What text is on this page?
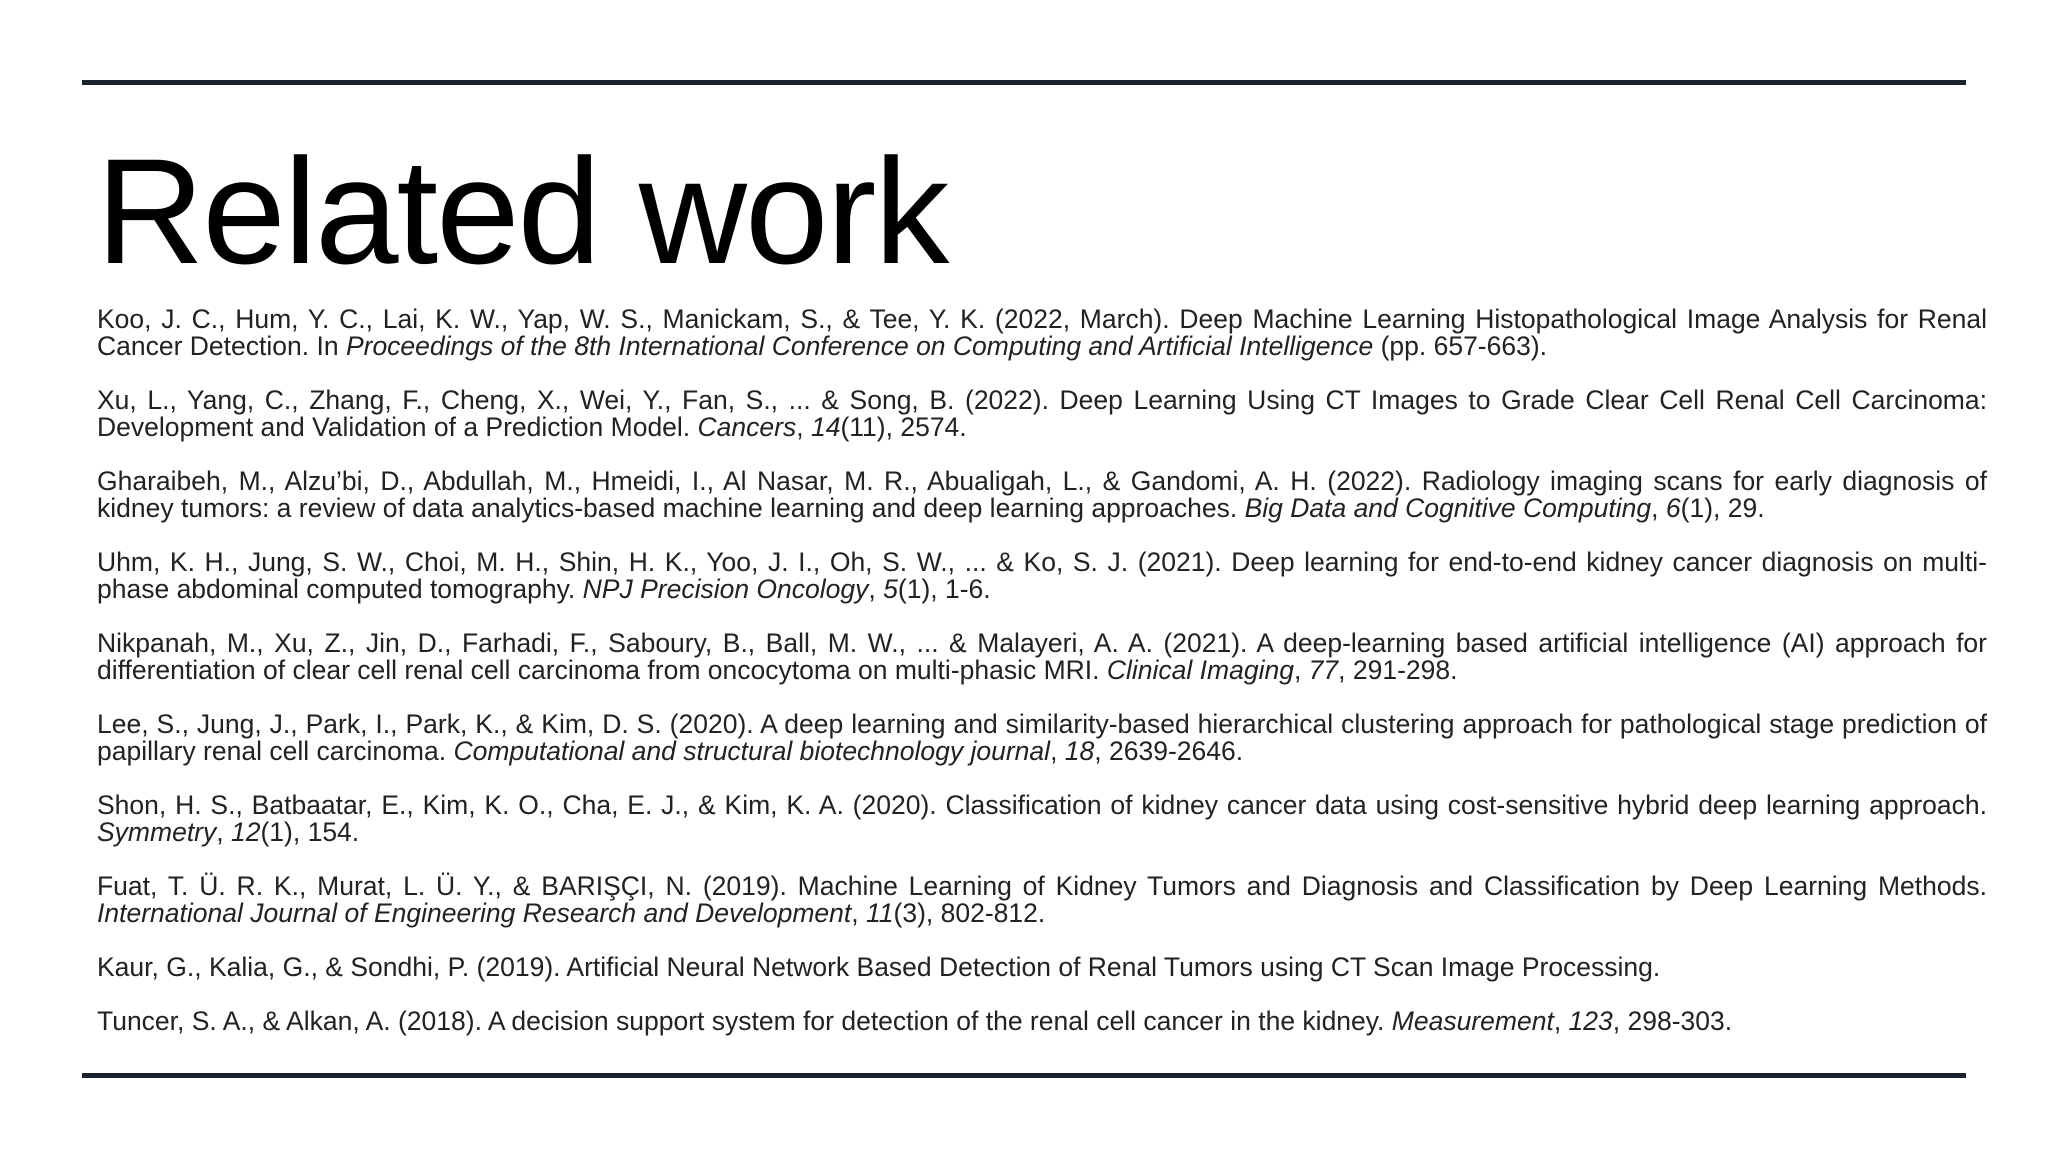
Related work

Koo, J. C., Hum, Y. C., Lai, K. W., Yap, W. S., Manickam, S., & Tee, Y. K. (2022, March). Deep Machine Learning Histopathological Image Analysis for Renal Cancer Detection. In Proceedings of the 8th International Conference on Computing and Artificial Intelligence (pp. 657-663).

Xu, L., Yang, C., Zhang, F., Cheng, X., Wei, Y., Fan, S., ... & Song, B. (2022). Deep Learning Using CT Images to Grade Clear Cell Renal Cell Carcinoma: Development and Validation of a Prediction Model. Cancers, 14(11), 2574.

Gharaibeh, M., Alzu’bi, D., Abdullah, M., Hmeidi, I., Al Nasar, M. R., Abualigah, L., & Gandomi, A. H. (2022). Radiology imaging scans for early diagnosis of kidney tumors: a review of data analytics-based machine learning and deep learning approaches. Big Data and Cognitive Computing, 6(1), 29.

Uhm, K. H., Jung, S. W., Choi, M. H., Shin, H. K., Yoo, J. I., Oh, S. W., ... & Ko, S. J. (2021). Deep learning for end-to-end kidney cancer diagnosis on multi-phase abdominal computed tomography. NPJ Precision Oncology, 5(1), 1-6.

Nikpanah, M., Xu, Z., Jin, D., Farhadi, F., Saboury, B., Ball, M. W., ... & Malayeri, A. A. (2021). A deep-learning based artificial intelligence (AI) approach for differentiation of clear cell renal cell carcinoma from oncocytoma on multi-phasic MRI. Clinical Imaging, 77, 291-298.

Lee, S., Jung, J., Park, I., Park, K., & Kim, D. S. (2020). A deep learning and similarity-based hierarchical clustering approach for pathological stage prediction of papillary renal cell carcinoma. Computational and structural biotechnology journal, 18, 2639-2646.

Shon, H. S., Batbaatar, E., Kim, K. O., Cha, E. J., & Kim, K. A. (2020). Classification of kidney cancer data using cost-sensitive hybrid deep learning approach. Symmetry, 12(1), 154.

Fuat, T. Ü. R. K., Murat, L. Ü. Y., & BARIŞÇI, N. (2019). Machine Learning of Kidney Tumors and Diagnosis and Classification by Deep Learning Methods. International Journal of Engineering Research and Development, 11(3), 802-812.

Kaur, G., Kalia, G., & Sondhi, P. (2019). Artificial Neural Network Based Detection of Renal Tumors using CT Scan Image Processing.

Tuncer, S. A., & Alkan, A. (2018). A decision support system for detection of the renal cell cancer in the kidney. Measurement, 123, 298-303.
